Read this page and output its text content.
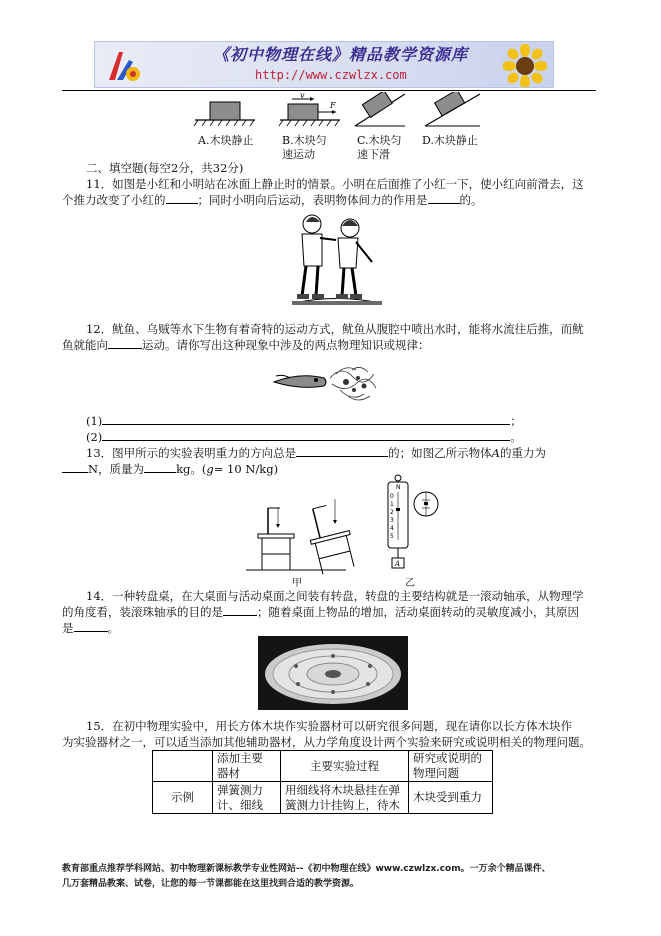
《初中物理在线》精品教学资源库
http://www.czwlzx.com
v
F
A.木块静止	B.木块匀
速运动
C.木块匀
速下滑
D.木块静止
二、填空题(每空2分，共32分)
11．如图是小红和小明站在冰面上静止时的情景。小明在后面推了小红一下，使小红向前滑去，这
个推力改变了小红的	；同时小明向后运动，表明物体间力的作用是	的。
12．鱿鱼、乌贼等水下生物有着奇特的运动方式，鱿鱼从腹腔中喷出水时，能将水流往后推，而鱿
鱼就能向	运动。请你写出这种现象中涉及的两点物理知识或规律：
(1)	；
(2)	。
13．图甲所示的实验表明重力的方向总是	的；如图乙所示物体A的重力为
N，质量为	kg。(g= 10 N/kg)
N
0
1
2
3
4
5
A
甲	乙
14．一种转盘桌，在大桌面与活动桌面之间装有转盘，转盘的主要结构就是一滚动轴承，从物理学
的角度看，装滚珠轴承的目的是	；随着桌面上物品的增加，活动桌面转动的灵敏度减小，其原因
是	。
15．在初中物理实验中，用长方体木块作实验器材可以研究很多问题，现在请你以长方体木块作
为实验器材之一，可以适当添加其他辅助器材，从力学角度设计两个实验来研究或说明相关的物理问题。
	添加主要
器材	主要实验过程	研究或说明的
物理问题
示例	弹簧测力
计、细线	用细线将木块悬挂在弹
簧测力计挂钩上，待木	木块受到重力
教育部重点推荐学科网站、初中物理新课标教学专业性网站--《初中物理在线》www.czwlzx.com。一万余个精品课件、
几万套精品教案、试卷，让您的每一节课都能在这里找到合适的教学资源。
